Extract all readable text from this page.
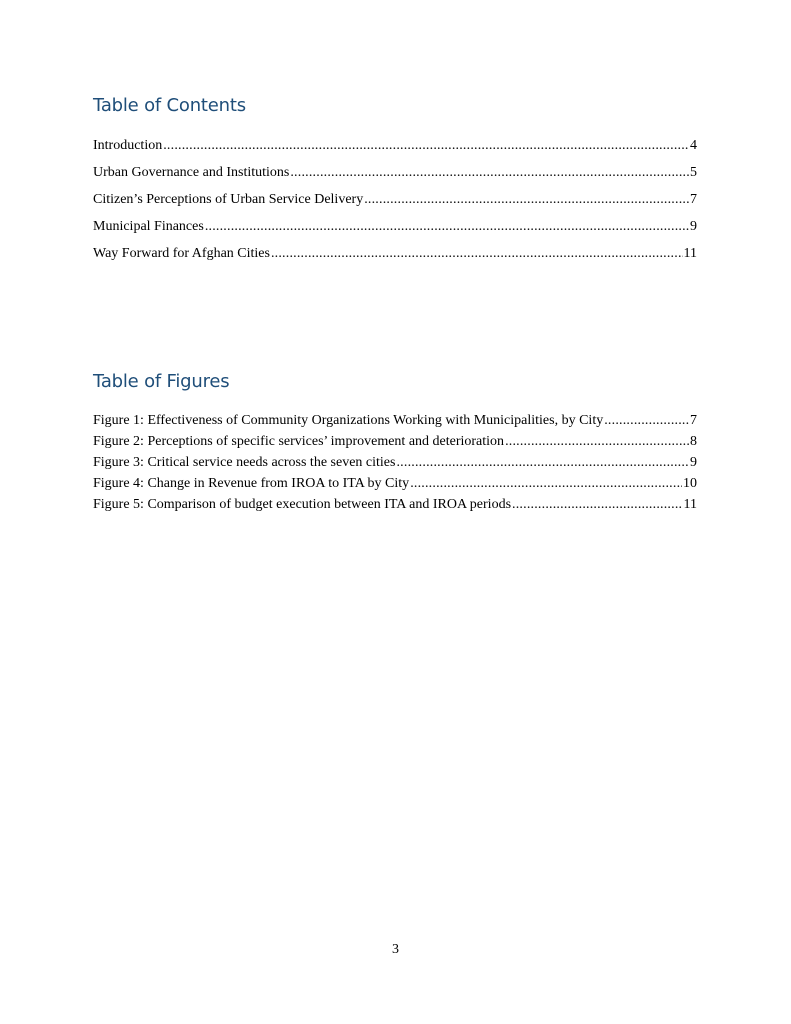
Table of Contents
Introduction .....	4
Urban Governance and Institutions .....	5
Citizen’s Perceptions of Urban Service Delivery .....	7
Municipal Finances .....	9
Way Forward for Afghan Cities .....	11
Table of Figures
Figure 1: Effectiveness of Community Organizations Working with Municipalities, by City .....	7
Figure 2: Perceptions of specific services’ improvement and deterioration .....	8
Figure 3: Critical service needs across the seven cities .....	9
Figure 4: Change in Revenue from IROA to ITA by City .....	10
Figure 5: Comparison of budget execution between ITA and IROA periods .....	11
3
